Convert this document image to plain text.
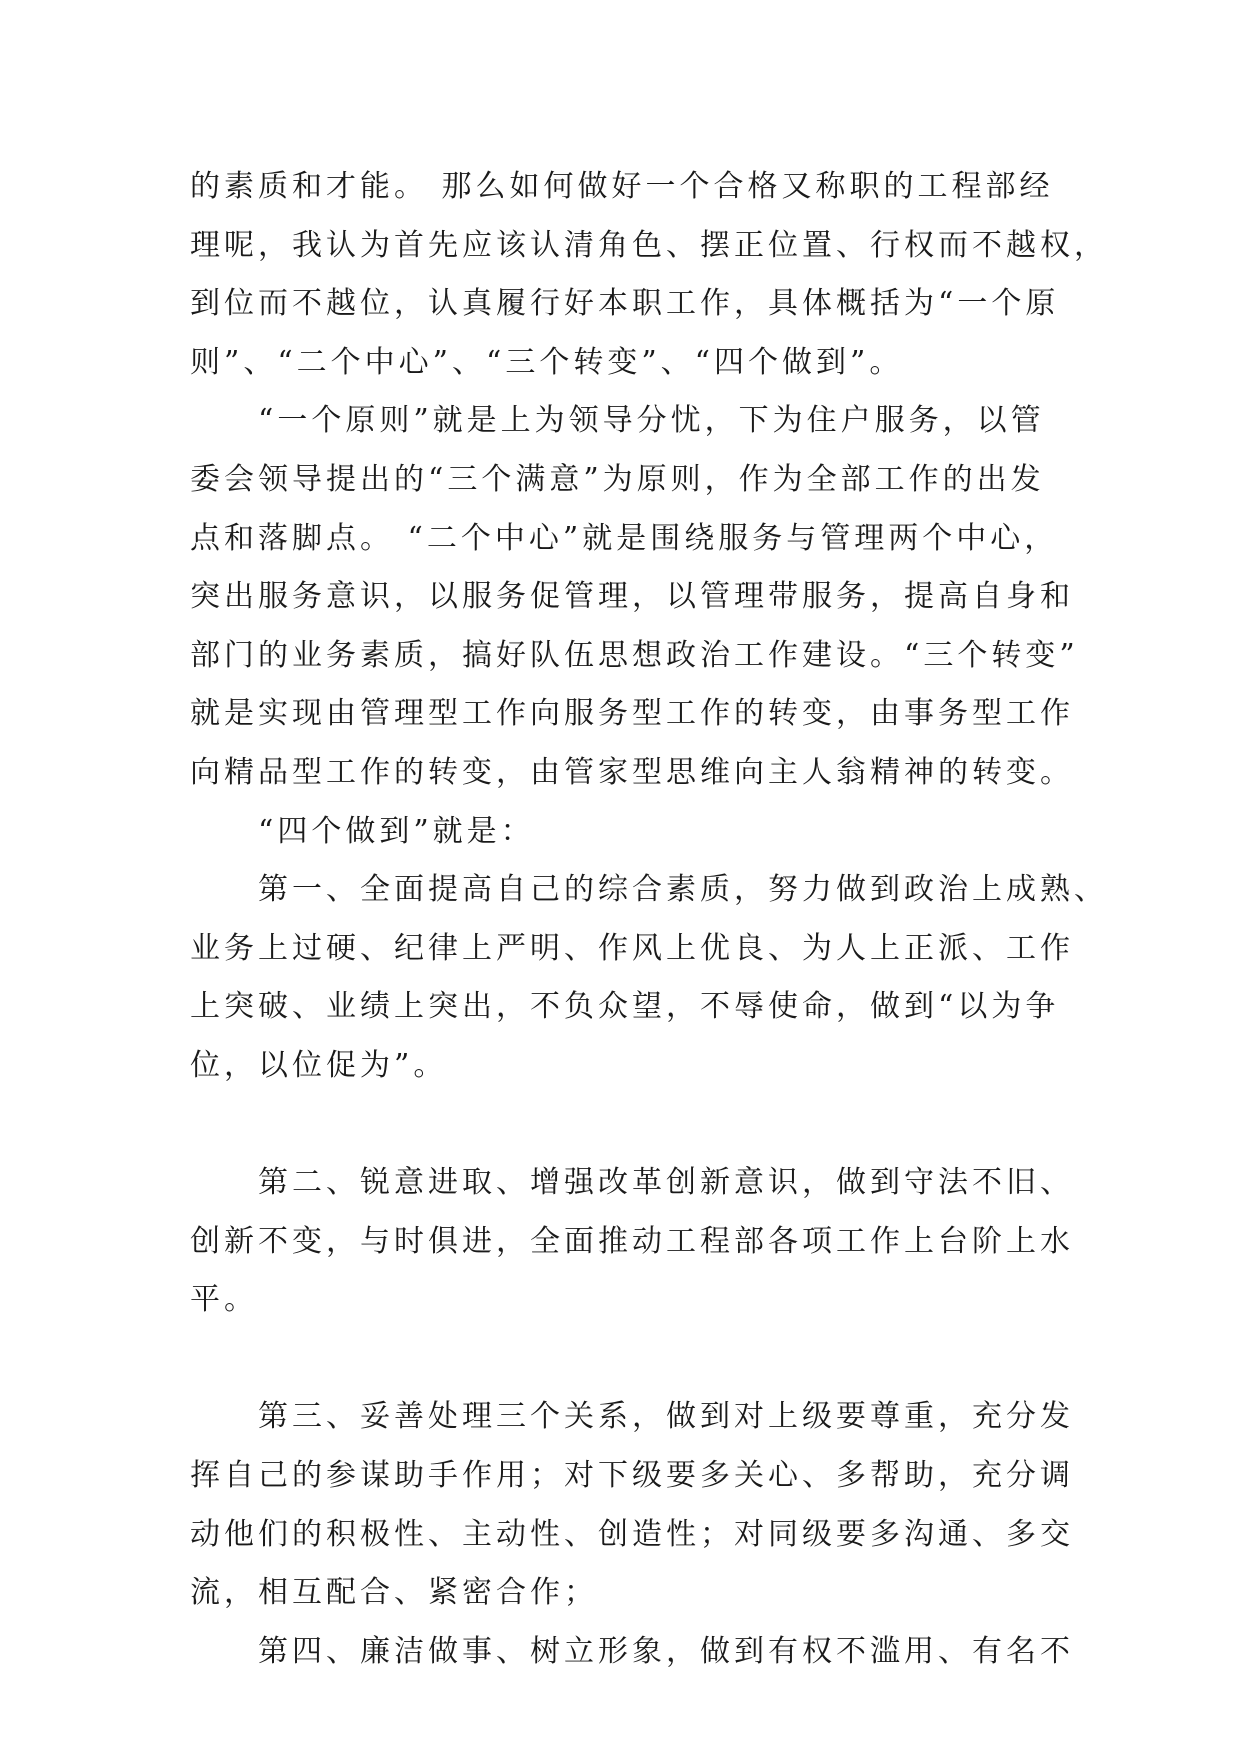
的素质和才能。 那么如何做好一个合格又称职的工程部经
理呢，我认为首先应该认清角色、摆正位置、行权而不越权，
到位而不越位，认真履行好本职工作，具体概括为“一个原
则”、“二个中心”、“三个转变”、“四个做到”。
　　“一个原则”就是上为领导分忧，下为住户服务，以管
委会领导提出的“三个满意”为原则，作为全部工作的出发
点和落脚点。 “二个中心”就是围绕服务与管理两个中心，
突出服务意识，以服务促管理，以管理带服务，提高自身和
部门的业务素质，搞好队伍思想政治工作建设。“三个转变”
就是实现由管理型工作向服务型工作的转变，由事务型工作
向精品型工作的转变，由管家型思维向主人翁精神的转变。
　　“四个做到”就是：
　　第一、全面提高自己的综合素质，努力做到政治上成熟、
业务上过硬、纪律上严明、作风上优良、为人上正派、工作
上突破、业绩上突出，不负众望，不辱使命，做到“以为争
位，以位促为”。
　　第二、锐意进取、增强改革创新意识，做到守法不旧、
创新不变，与时俱进，全面推动工程部各项工作上台阶上水
平。
　　第三、妥善处理三个关系，做到对上级要尊重，充分发
挥自己的参谋助手作用；对下级要多关心、多帮助，充分调
动他们的积极性、主动性、创造性；对同级要多沟通、多交
流，相互配合、紧密合作；
　　第四、廉洁做事、树立形象，做到有权不滥用、有名不
